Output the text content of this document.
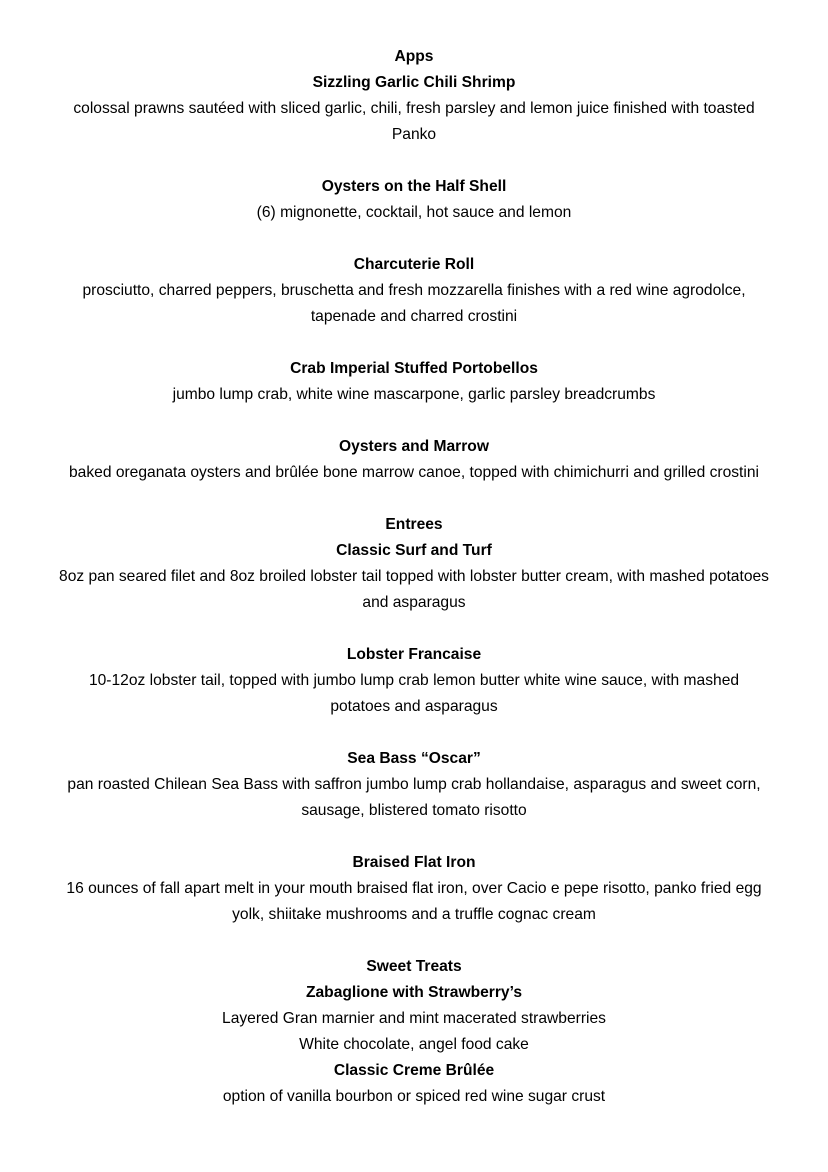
Apps
Sizzling Garlic Chili Shrimp
colossal prawns sautéed with sliced garlic, chili, fresh parsley and lemon juice finished with toasted
Panko
Oysters on the Half Shell
(6) mignonette, cocktail, hot sauce and lemon
Charcuterie Roll
prosciutto, charred peppers, bruschetta and fresh mozzarella finishes with a red wine agrodolce,
tapenade and charred crostini
Crab Imperial Stuffed Portobellos
jumbo lump crab, white wine mascarpone, garlic parsley breadcrumbs
Oysters and Marrow
baked oreganata oysters and brûlée bone marrow canoe, topped with chimichurri and grilled crostini
Entrees
Classic Surf and Turf
8oz pan seared filet and 8oz broiled lobster tail topped with lobster butter cream, with mashed potatoes
and asparagus
Lobster Francaise
10-12oz lobster tail, topped with jumbo lump crab lemon butter white wine sauce, with mashed
potatoes and asparagus
Sea Bass “Oscar”
pan roasted Chilean Sea Bass with saffron jumbo lump crab hollandaise, asparagus and sweet corn,
sausage, blistered tomato risotto
Braised Flat Iron
16 ounces of fall apart melt in your mouth braised flat iron, over Cacio e pepe risotto, panko fried egg
yolk, shiitake mushrooms and a truffle cognac cream
Sweet Treats
Zabaglione with Strawberry’s
Layered Gran marnier and mint macerated strawberries
White chocolate, angel food cake
Classic Creme Brûlée
option of vanilla bourbon or spiced red wine sugar crust
